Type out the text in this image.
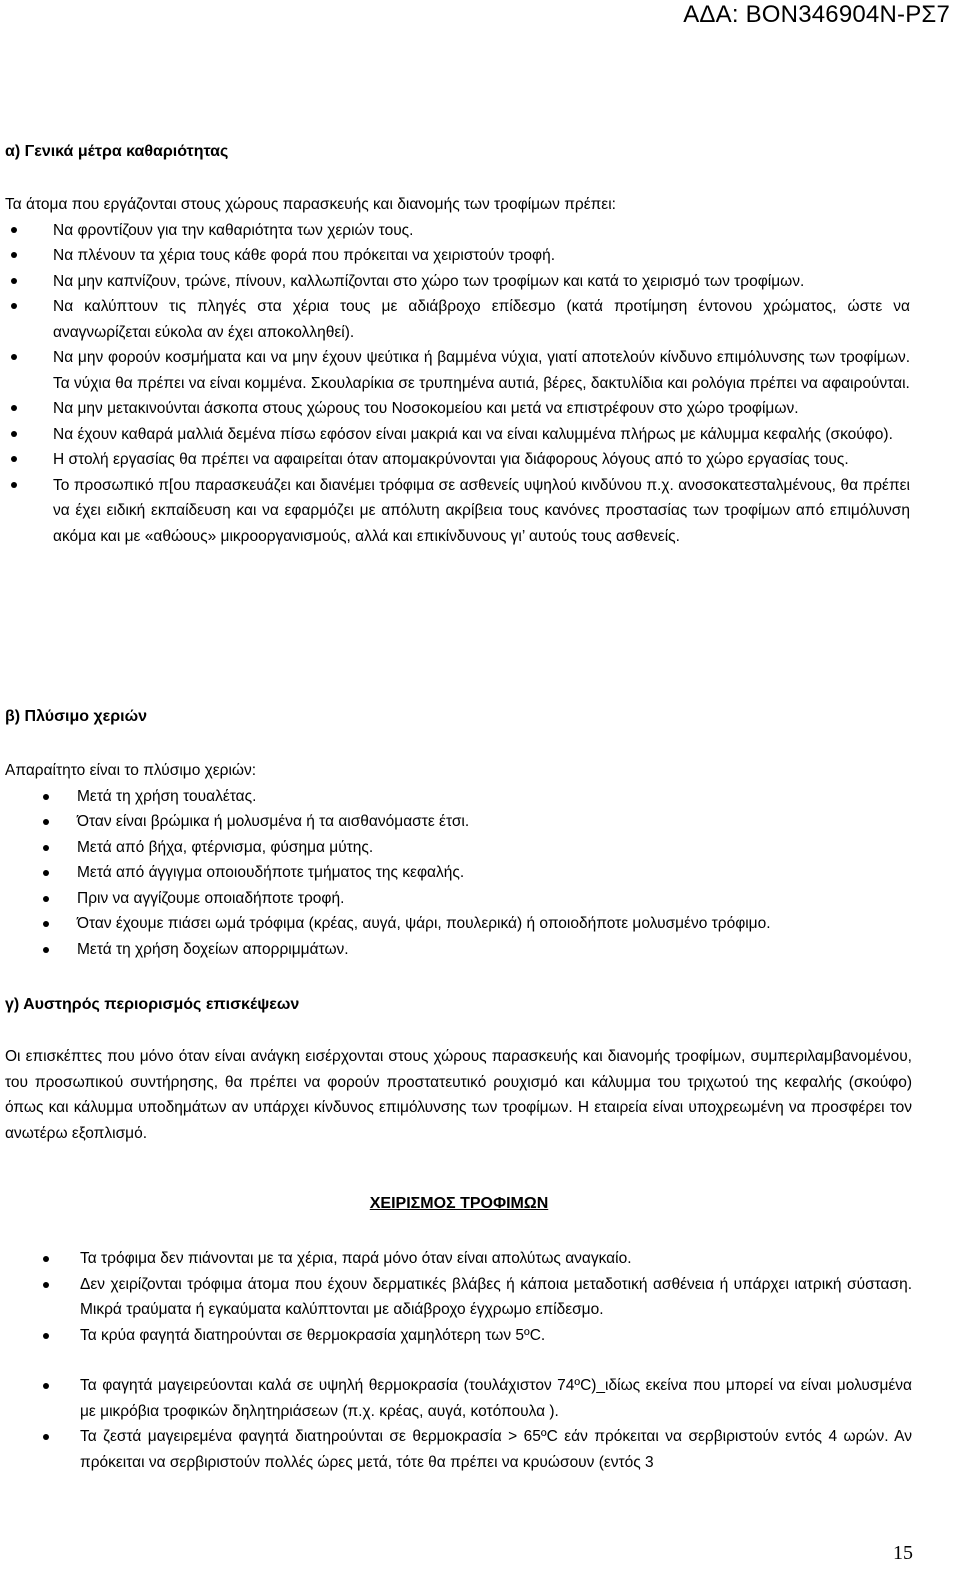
ΑΔΑ: ΒΟΝ346904Ν-ΡΣ7

α) Γενικά μέτρα καθαριότητας

Τα άτομα που εργάζονται στους χώρους παρασκευής και διανομής των τροφίμων πρέπει:

Να φροντίζουν για την καθαριότητα των χεριών τους.
Να πλένουν τα χέρια τους κάθε φορά που πρόκειται να χειριστούν τροφή.
Να μην καπνίζουν, τρώνε, πίνουν, καλλωπίζονται στο χώρο των τροφίμων και κατά το χειρισμό των τροφίμων.
Να καλύπτουν τις πληγές στα χέρια τους με αδιάβροχο επίδεσμο (κατά προτίμηση έντονου χρώματος, ώστε να αναγνωρίζεται εύκολα αν έχει αποκολληθεί).
Να μην φορούν κοσμήματα και να μην έχουν ψεύτικα ή βαμμένα νύχια, γιατί αποτελούν κίνδυνο επιμόλυνσης των τροφίμων. Τα νύχια θα πρέπει να είναι κομμένα. Σκουλαρίκια σε τρυπημένα αυτιά, βέρες, δακτυλίδια και ρολόγια πρέπει να αφαιρούνται.
Να μην μετακινούνται άσκοπα στους χώρους του Νοσοκομείου και μετά να επιστρέφουν στο χώρο τροφίμων.
Να έχουν καθαρά μαλλιά δεμένα πίσω εφόσον είναι μακριά και να είναι καλυμμένα πλήρως με κάλυμμα κεφαλής (σκούφο).
Η στολή εργασίας θα πρέπει να αφαιρείται όταν απομακρύνονται για διάφορους λόγους από το χώρο εργασίας τους.
Το προσωπικό π[ου παρασκευάζει και διανέμει τρόφιμα σε ασθενείς υψηλού κινδύνου π.χ. ανοσοκατεσταλμένους, θα πρέπει να έχει ειδική εκπαίδευση και να εφαρμόζει με απόλυτη ακρίβεια τους κανόνες προστασίας των τροφίμων από επιμόλυνση ακόμα και με «αθώους» μικροοργανισμούς, αλλά και επικίνδυνους γι’ αυτούς τους ασθενείς.

β) Πλύσιμο χεριών

Απαραίτητο είναι το πλύσιμο χεριών:

Μετά τη χρήση τουαλέτας.
Όταν είναι βρώμικα ή μολυσμένα ή τα αισθανόμαστε έτσι.
Μετά από βήχα, φτέρνισμα, φύσημα μύτης.
Μετά από άγγιγμα οποιουδήποτε τμήματος της κεφαλής.
Πριν να αγγίζουμε οποιαδήποτε τροφή.
Όταν έχουμε πιάσει ωμά τρόφιμα (κρέας, αυγά, ψάρι, πουλερικά) ή οποιοδήποτε μολυσμένο τρόφιμο.
Μετά τη χρήση δοχείων απορριμμάτων.

γ) Αυστηρός περιορισμός επισκέψεων

Οι επισκέπτες που μόνο όταν είναι ανάγκη εισέρχονται στους χώρους παρασκευής και διανομής τροφίμων, συμπεριλαμβανομένου, του προσωπικού συντήρησης, θα πρέπει να φορούν προστατευτικό ρουχισμό και κάλυμμα του τριχωτού της κεφαλής (σκούφο) όπως και κάλυμμα υποδημάτων αν υπάρχει κίνδυνος επιμόλυνσης των τροφίμων. Η εταιρεία είναι υποχρεωμένη να προσφέρει τον ανωτέρω εξοπλισμό.

ΧΕΙΡΙΣΜΟΣ ΤΡΟΦΙΜΩΝ
Τα τρόφιμα δεν πιάνονται με τα χέρια, παρά μόνο όταν είναι απολύτως αναγκαίο.
Δεν χειρίζονται τρόφιμα άτομα που έχουν δερματικές βλάβες ή κάποια μεταδοτική ασθένεια ή υπάρχει ιατρική σύσταση. Μικρά τραύματα ή εγκαύματα καλύπτονται με αδιάβροχο έγχρωμο επίδεσμο.
Τα κρύα φαγητά διατηρούνται σε θερμοκρασία χαμηλότερη των 5ºC.
Τα φαγητά μαγειρεύονται καλά σε υψηλή θερμοκρασία (τουλάχιστον 74ºC)_ιδίως εκείνα που μπορεί να είναι μολυσμένα με μικρόβια τροφικών δηλητηριάσεων (π.χ. κρέας, αυγά, κοτόπουλα ).
Τα ζεστά μαγειρεμένα φαγητά διατηρούνται σε θερμοκρασία > 65ºC εάν πρόκειται να σερβιριστούν εντός 4 ωρών. Αν πρόκειται να σερβιριστούν πολλές ώρες μετά, τότε θα πρέπει να κρυώσουν (εντός 3
15
